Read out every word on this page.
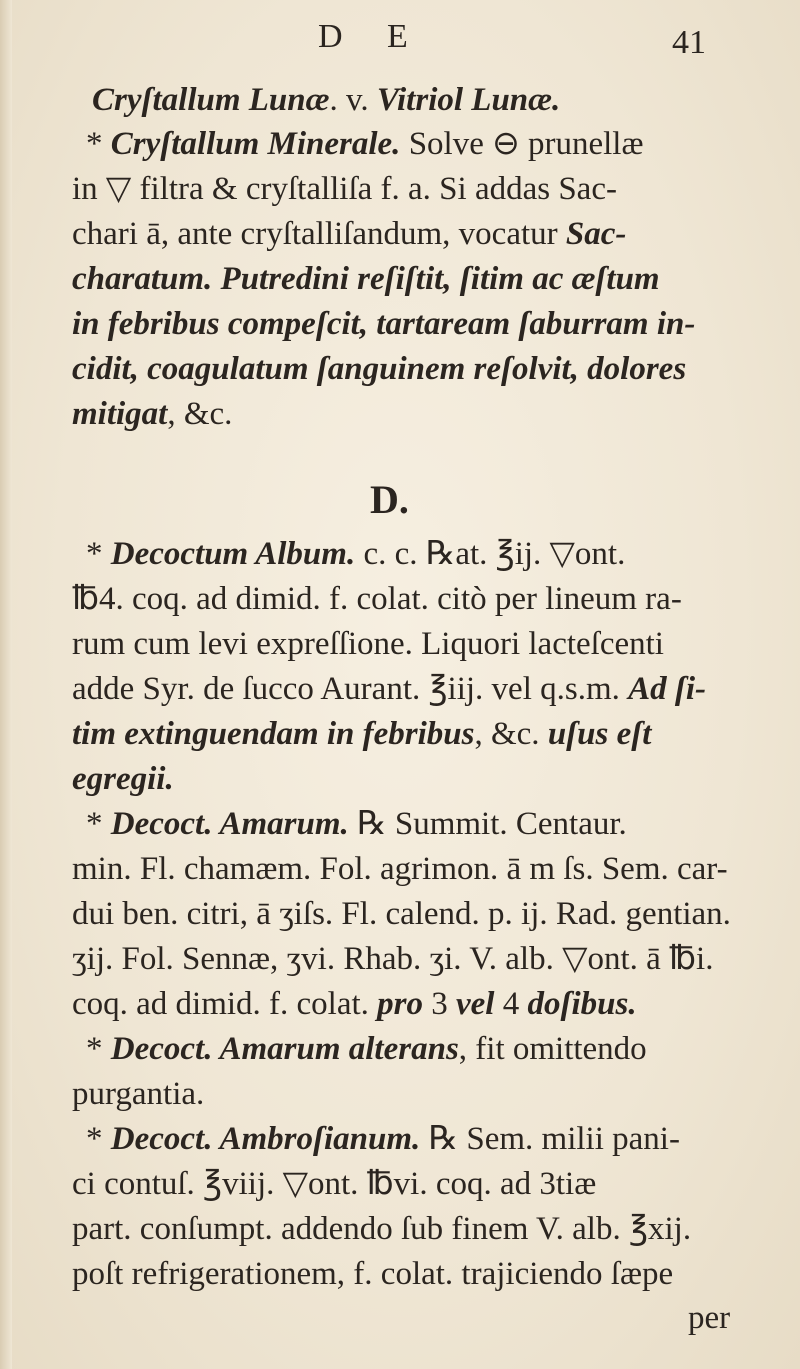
D E	41
Cryſtallum Lunæ. v. Vitriol Lunæ.
* Cryſtallum Minerale. Solve ⊖ prunellæ
in ▽ filtra & cryſtalliſa f. a. Si addas Sac-
chari ā, ante cryſtalliſandum, vocatur Sac-
charatum. Putredini reſiſtit, ſitim ac æſtum
in febribus compeſcit, tartaream ſaburram in-
cidit, coagulatum ſanguinem reſolvit, dolores
mitigat, &c.
* Decoctum Album. c. c. ℞at. ℥ij. ▽ont.
℔4. coq. ad dimid. f. colat. citò per lineum ra-
rum cum levi expreſſione. Liquori lacteſcenti
adde Syr. de ſucco Aurant. ℥iij. vel q.s.m. Ad ſi-
tim extinguendam in febribus, &c. uſus eſt
egregii.
* Decoct. Amarum. ℞ Summit. Centaur.
min. Fl. chamæm. Fol. agrimon. ā m ſs. Sem. car-
dui ben. citri, ā ʒiſs. Fl. calend. p. ij. Rad. gentian.
ʒij. Fol. Sennæ, ʒvi. Rhab. ʒi. V. alb. ▽ont. ā ℔i.
coq. ad dimid. f. colat. pro 3 vel 4 doſibus.
* Decoct. Amarum alterans, fit omittendo
purgantia.
* Decoct. Ambroſianum. ℞ Sem. milii pani-
ci contuſ. ℥viij. ▽ont. ℔vi. coq. ad 3tiæ
part. conſumpt. addendo ſub finem V. alb. ℥xij.
poſt refrigerationem, f. colat. trajiciendo ſæpe
D.
per
